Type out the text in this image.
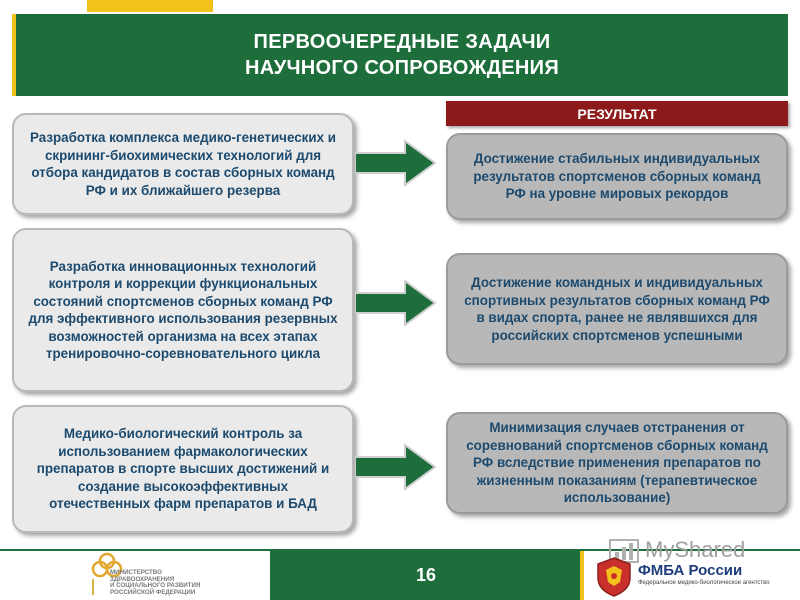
ПЕРВООЧЕРЕДНЫЕ ЗАДАЧИ
НАУЧНОГО СОПРОВОЖДЕНИЯ
РЕЗУЛЬТАТ
Разработка комплекса медико-генетических и скрининг-биохимических технологий для отбора кандидатов в состав сборных команд РФ и их ближайшего резерва
Разработка инновационных технологий контроля и коррекции функциональных состояний спортсменов сборных команд РФ для эффективного использования резервных возможностей организма на всех этапах тренировочно-соревновательного цикла
Медико-биологический контроль за использованием фармакологических препаратов в спорте высших достижений и создание высокоэффективных отечественных фарм препаратов и БАД
Достижение стабильных индивидуальных результатов спортсменов сборных команд РФ на уровне мировых рекордов
Достижение командных и индивидуальных спортивных результатов сборных команд РФ в видах спорта, ранее не являвшихся для российских спортсменов успешными
Минимизация случаев отстранения от соревнований спортсменов сборных команд РФ вследствие применения препаратов по жизненным показаниям (терапевтическое использование)
МИНИСТЕРСТВО
ЗДРАВООХРАНЕНИЯ
И СОЦИАЛЬНОГО РАЗВИТИЯ
РОССИЙСКОЙ ФЕДЕРАЦИИ
16
MyShared
ФМБА России
Федеральное медико-биологическое агентство
